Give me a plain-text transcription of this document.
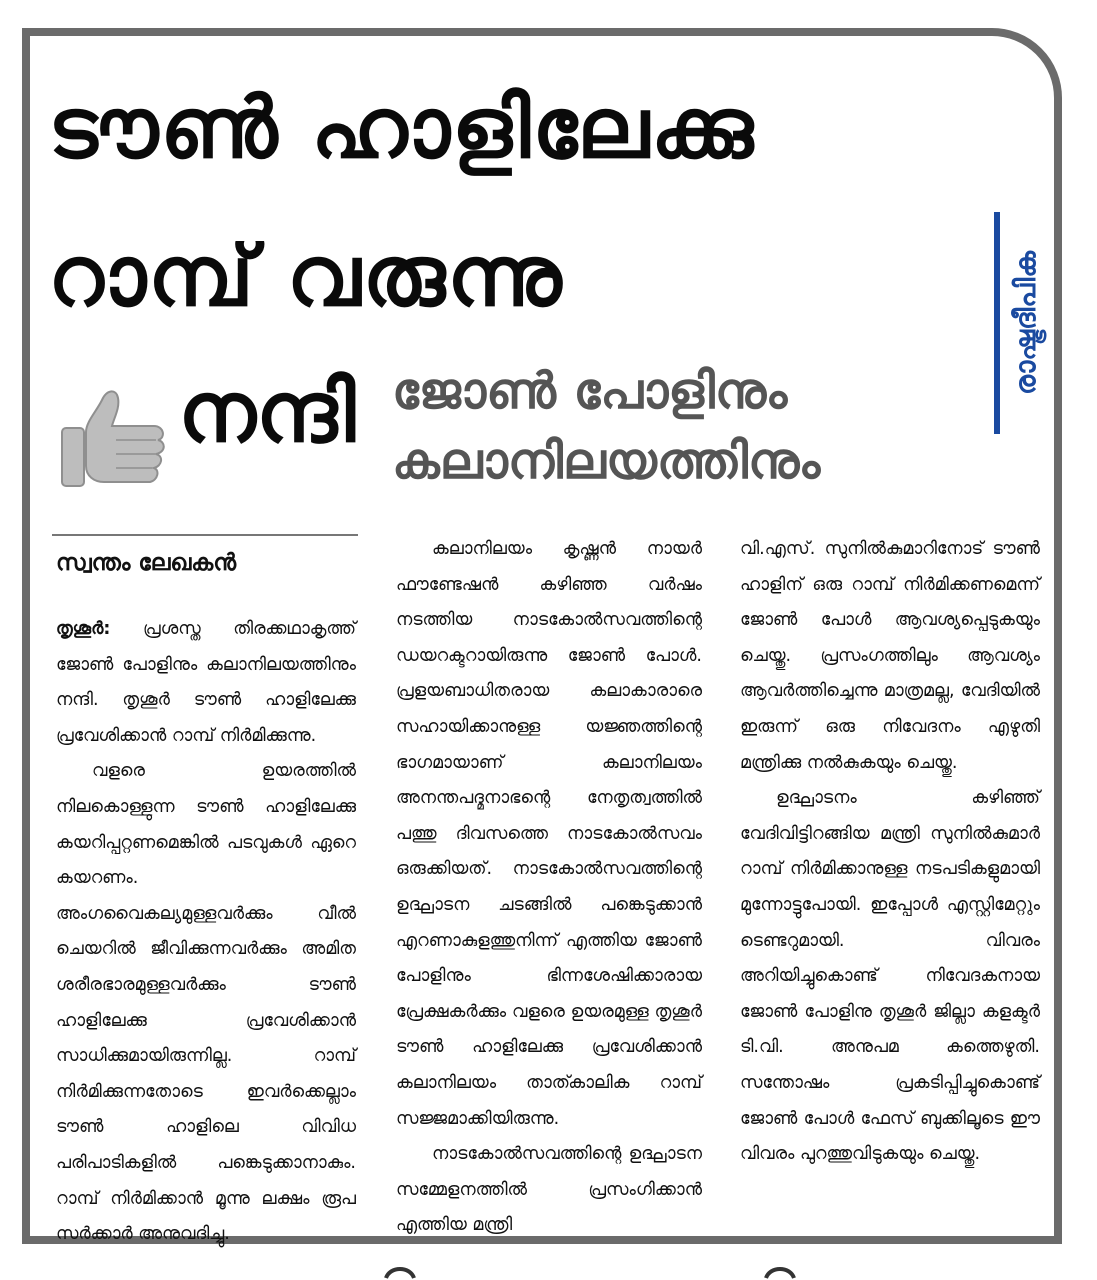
ടൗൺ ഹാളിലേക്കു
റാമ്പ് വരുന്നു	രാഷ്ട്രദീപിക
നന്ദി ജോൺ പോളിനും
കലാനിലയത്തിനും

സ്വന്തം ലേഖകൻ

തൃശൂർ: പ്രശസ്ത തിരക്കഥാകൃത്ത് ജോൺ പോളിനും കലാനിലയത്തിനും നന്ദി. തൃശൂർ ടൗൺ ഹാളിലേക്കു പ്രവേശിക്കാൻ റാമ്പ് നിർമിക്കുന്നു.

വളരെ ഉയരത്തിൽ നിലകൊള്ളുന്ന ടൗൺ ഹാളിലേക്കു കയറിപ്പറ്റണമെങ്കിൽ പടവുകൾ ഏറെ കയറണം. അംഗവൈകല്യമുള്ളവർക്കും വീൽ ചെയറിൽ ജീവിക്കുന്നവർക്കും അമിത ശരീരഭാരമുള്ളവർക്കും ടൗൺ ഹാളിലേക്കു പ്രവേശിക്കാൻ സാധിക്കുമായിരുന്നില്ല. റാമ്പ് നിർമിക്കുന്നതോടെ ഇവർക്കെല്ലാം ടൗൺ ഹാളിലെ വിവിധ പരിപാടികളിൽ പങ്കെടുക്കാനാകും. റാമ്പ് നിർമിക്കാൻ മൂന്നു ലക്ഷം രൂപ സർക്കാർ അനുവദിച്ചു.

കലാനിലയം കൃഷ്ണൻ നായർ ഫൗണ്ടേഷൻ കഴിഞ്ഞ വർഷം നടത്തിയ നാടകോൽസവത്തിന്റെ ഡയറക്ടറായിരുന്നു ജോൺ പോൾ. പ്രളയബാധിതരായ കലാകാരാരെ സഹായിക്കാനുള്ള യജ്ഞത്തിന്റെ ഭാഗമായാണ് കലാനിലയം അനന്തപദ്മനാഭന്റെ നേതൃത്വത്തിൽ പത്തു ദിവസത്തെ നാടകോൽസവം ഒരുക്കിയത്. നാടകോൽസവത്തിന്റെ ഉദ്ഘാടന ചടങ്ങിൽ പങ്കെടുക്കാൻ എറണാകുളത്തുനിന്ന് എത്തിയ ജോൺ പോളിനും ഭിന്നശേഷിക്കാരായ പ്രേക്ഷകർക്കും വളരെ ഉയരമുള്ള തൃശൂർ ടൗൺ ഹാളിലേക്കു പ്രവേശിക്കാൻ കലാനിലയം താത്കാലിക റാമ്പ് സജ്ജമാക്കിയിരുന്നു.

നാടകോൽസവത്തിന്റെ ഉദ്ഘാടന സമ്മേളനത്തിൽ പ്രസംഗിക്കാൻ എത്തിയ മന്ത്രി

വി.എസ്. സുനിൽകുമാറിനോട് ടൗൺ ഹാളിന് ഒരു റാമ്പ് നിർമിക്കണമെന്ന് ജോൺ പോൾ ആവശ്യപ്പെടുകയും ചെയ്തു. പ്രസംഗത്തിലും ആവശ്യം ആവർത്തിച്ചെന്നു മാത്രമല്ല, വേദിയിൽ ഇരുന്ന് ഒരു നിവേദനം എഴുതി മന്ത്രിക്കു നൽകുകയും ചെയ്തു.

ഉദ്ഘാടനം കഴിഞ്ഞ് വേദിവിട്ടിറങ്ങിയ മന്ത്രി സുനിൽകുമാർ റാമ്പ് നിർമിക്കാനുള്ള നടപടികളുമായി മുന്നോട്ടുപോയി. ഇപ്പോൾ എസ്റ്റിമേറ്റും ടെണ്ടറുമായി. വിവരം അറിയിച്ചുകൊണ്ട് നിവേദകനായ ജോൺ പോളിനു തൃശൂർ ജില്ലാ കളക്ടർ ടി.വി. അനുപമ കത്തെഴുതി. സന്തോഷം പ്രകടിപ്പിച്ചുകൊണ്ട് ജോൺ പോൾ ഫേസ് ബുക്കിലൂടെ ഈ വിവരം പുറത്തുവിടുകയും ചെയ്തു.
